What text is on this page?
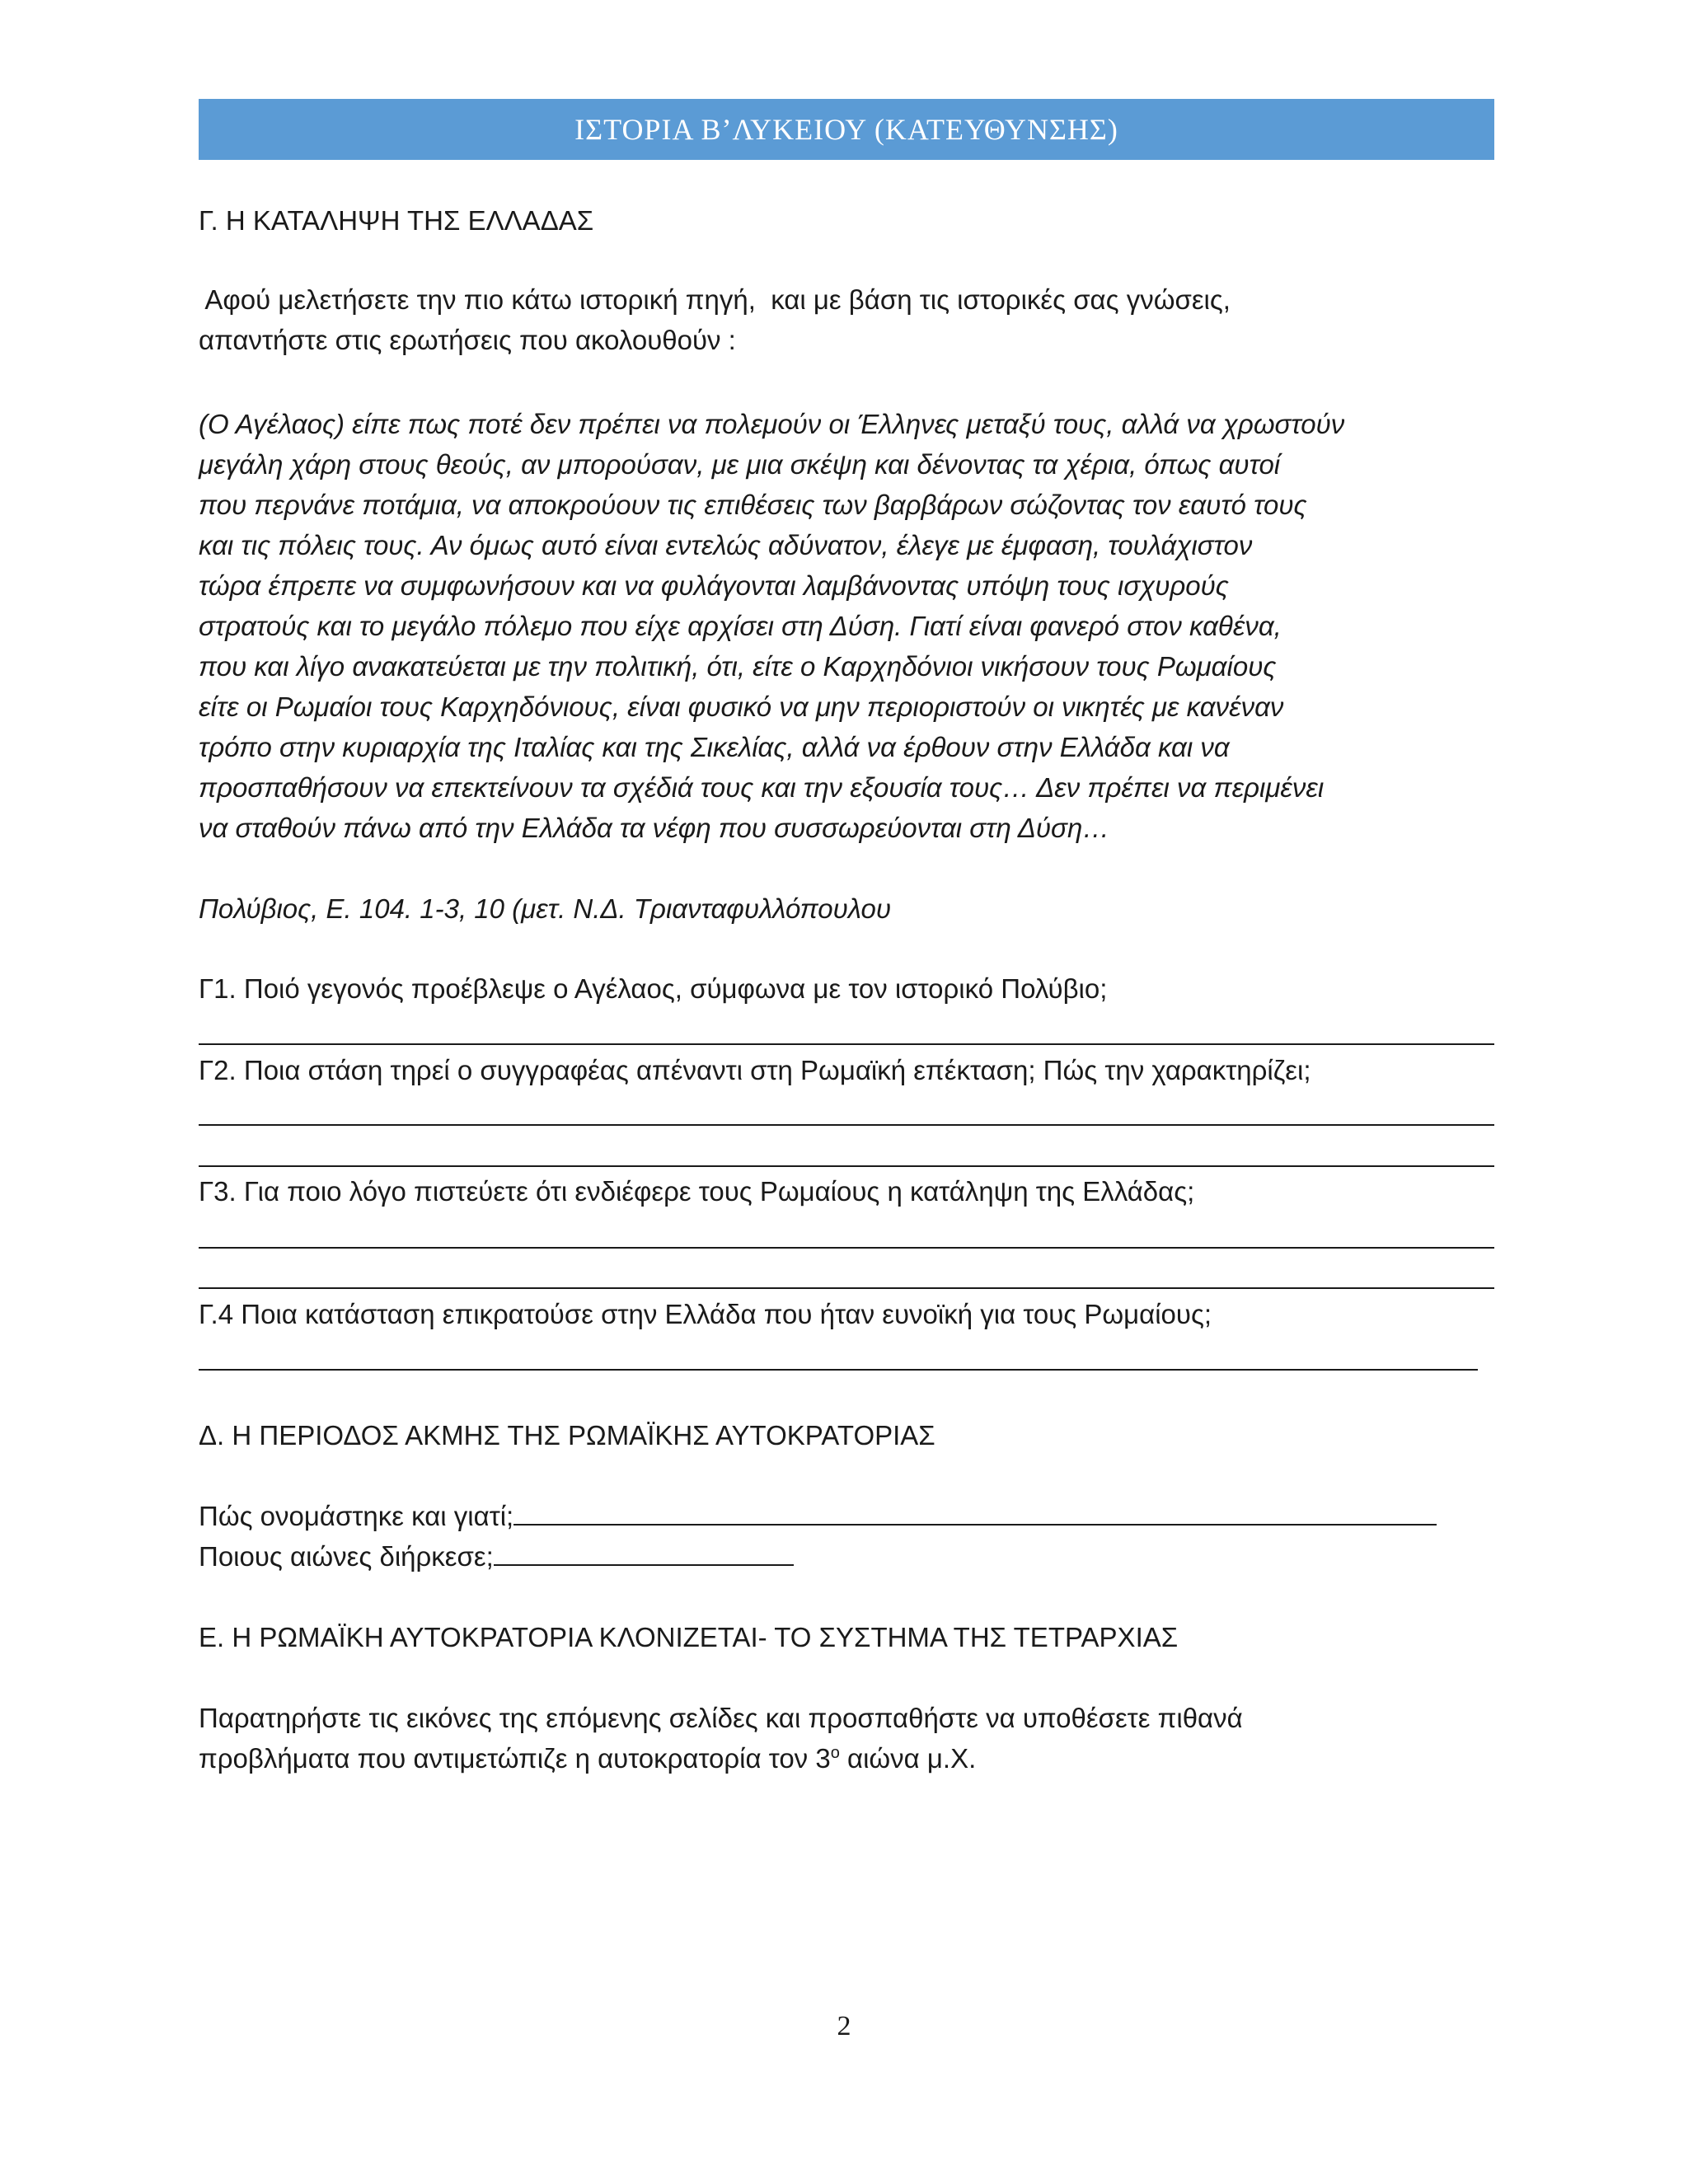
ΙΣΤΟΡΙΑ Β’ΛΥΚΕΙΟΥ (ΚΑΤΕΥΘΥΝΣΗΣ)
Γ. Η ΚΑΤΑΛΗΨΗ ΤΗΣ ΕΛΛΑΔΑΣ
Αφού μελετήσετε την πιο κάτω ιστορική πηγή,  και με βάση τις ιστορικές σας γνώσεις,
απαντήστε στις ερωτήσεις που ακολουθούν :
(Ο Αγέλαος) είπε πως ποτέ δεν πρέπει να πολεμούν οι Έλληνες μεταξύ τους, αλλά να χρωστούν
μεγάλη χάρη στους θεούς, αν μπορούσαν, με μια σκέψη και δένοντας τα χέρια, όπως αυτοί
που περνάνε ποτάμια, να αποκρούουν τις επιθέσεις των βαρβάρων σώζοντας τον εαυτό τους
και τις πόλεις τους. Αν όμως αυτό είναι εντελώς αδύνατον, έλεγε με έμφαση, τουλάχιστον
τώρα έπρεπε να συμφωνήσουν και να φυλάγονται λαμβάνοντας υπόψη τους ισχυρούς
στρατούς και το μεγάλο πόλεμο που είχε αρχίσει στη Δύση. Γιατί είναι φανερό στον καθένα,
που και λίγο ανακατεύεται με την πολιτική, ότι, είτε ο Καρχηδόνιοι νικήσουν τους Ρωμαίους
είτε οι Ρωμαίοι τους Καρχηδόνιους, είναι φυσικό να μην περιοριστούν οι νικητές με κανέναν
τρόπο στην κυριαρχία της Ιταλίας και της Σικελίας, αλλά να έρθουν στην Ελλάδα και να
προσπαθήσουν να επεκτείνουν τα σχέδιά τους και την εξουσία τους… Δεν πρέπει να περιμένει
να σταθούν πάνω από την Ελλάδα τα νέφη που συσσωρεύονται στη Δύση…
Πολύβιος, Ε. 104. 1-3, 10 (μετ. Ν.Δ. Τριανταφυλλόπουλου
Γ1. Ποιό γεγονός προέβλεψε ο Αγέλαος, σύμφωνα με τον ιστορικό Πολύβιο;
Γ2. Ποια στάση τηρεί ο συγγραφέας απέναντι στη Ρωμαϊκή επέκταση; Πώς την χαρακτηρίζει;
Γ3. Για ποιο λόγο πιστεύετε ότι ενδιέφερε τους Ρωμαίους η κατάληψη της Ελλάδας;
Γ.4 Ποια κατάσταση επικρατούσε στην Ελλάδα που ήταν ευνοϊκή για τους Ρωμαίους;
Δ. Η ΠΕΡΙΟΔΟΣ ΑΚΜΗΣ ΤΗΣ ΡΩΜΑΪΚΗΣ ΑΥΤΟΚΡΑΤΟΡΙΑΣ
Πώς ονομάστηκε και γιατί;
Ποιους αιώνες διήρκεσε;
Ε. Η ΡΩΜΑΪΚΗ ΑΥΤΟΚΡΑΤΟΡΙΑ ΚΛΟΝΙΖΕΤΑΙ- ΤΟ ΣΥΣΤΗΜΑ ΤΗΣ ΤΕΤΡΑΡΧΙΑΣ
Παρατηρήστε τις εικόνες της επόμενης σελίδες και προσπαθήστε να υποθέσετε πιθανά
προβλήματα που αντιμετώπιζε η αυτοκρατορία τον $3^o$ αιώνα μ.Χ.
2
